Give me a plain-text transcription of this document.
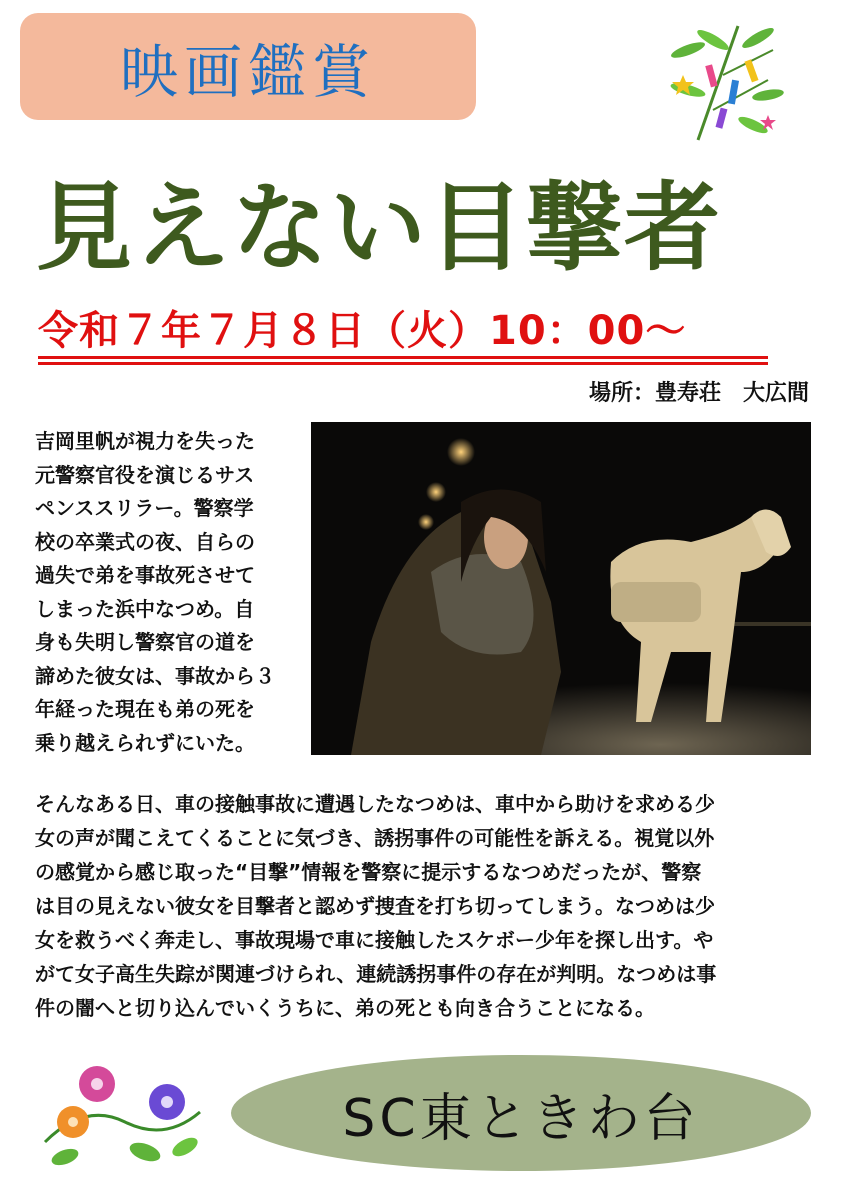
映画鑑賞
見えない目撃者
令和７年７月８日（火）10：00～
場所：豊寿荘　大広間

吉岡里帆が視力を失った

元警察官役を演じるサス

ペンススリラー。警察学

校の卒業式の夜、自らの

過失で弟を事故死させて

しまった浜中なつめ。自

身も失明し警察官の道を

諦めた彼女は、事故から３

年経った現在も弟の死を

乗り越えられずにいた。

そんなある日、車の接触事故に遭遇したなつめは、車中から助けを求める少

女の声が聞こえてくることに気づき、誘拐事件の可能性を訴える。視覚以外

の感覚から感じ取った“目撃”情報を警察に提示するなつめだったが、警察

は目の見えない彼女を目撃者と認めず捜査を打ち切ってしまう。なつめは少

女を救うべく奔走し、事故現場で車に接触したスケボー少年を探し出す。や

がて女子高生失踪が関連づけられ、連続誘拐事件の存在が判明。なつめは事

件の闇へと切り込んでいくうちに、弟の死とも向き合うことになる。

SC東ときわ台
